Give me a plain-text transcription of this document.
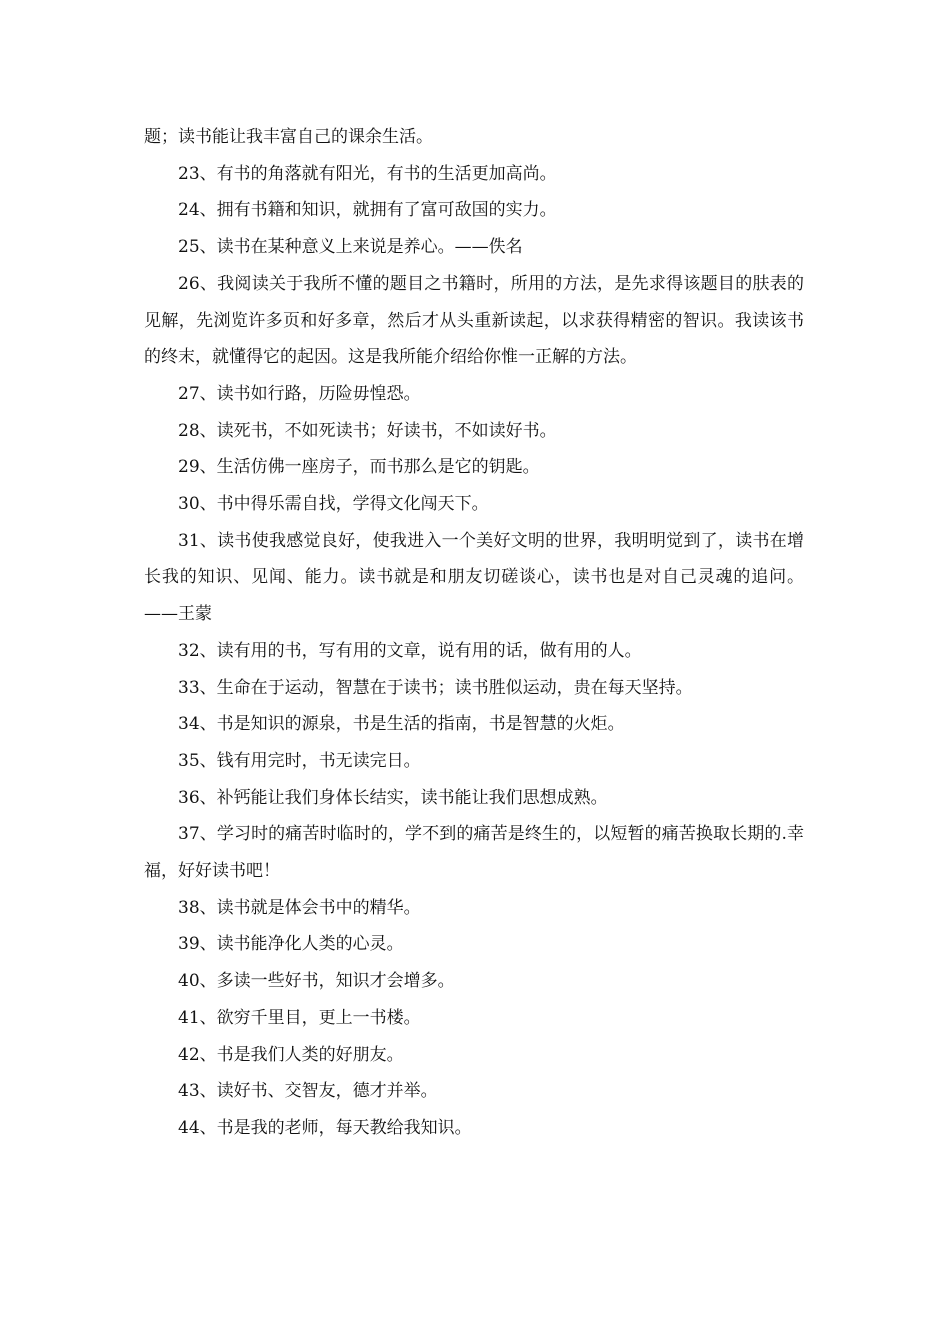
题；读书能让我丰富自己的课余生活。

23、有书的角落就有阳光，有书的生活更加高尚。

24、拥有书籍和知识，就拥有了富可敌国的实力。

25、读书在某种意义上来说是养心。——佚名

26、我阅读关于我所不懂的题目之书籍时，所用的方法，是先求得该题目的肤表的见解，先浏览许多页和好多章，然后才从头重新读起，以求获得精密的智识。我读该书的终末，就懂得它的起因。这是我所能介绍给你惟一正解的方法。

27、读书如行路，历险毋惶恐。

28、读死书，不如死读书；好读书，不如读好书。

29、生活仿佛一座房子，而书那么是它的钥匙。

30、书中得乐需自找，学得文化闯天下。

31、读书使我感觉良好，使我进入一个美好文明的世界，我明明觉到了，读书在增长我的知识、见闻、能力。读书就是和朋友切磋谈心，读书也是对自己灵魂的追问。——王蒙

32、读有用的书，写有用的文章，说有用的话，做有用的人。

33、生命在于运动，智慧在于读书；读书胜似运动，贵在每天坚持。

34、书是知识的源泉，书是生活的指南，书是智慧的火炬。

35、钱有用完时，书无读完日。

36、补钙能让我们身体长结实，读书能让我们思想成熟。

37、学习时的痛苦时临时的，学不到的痛苦是终生的，以短暂的痛苦换取长期的.幸福，好好读书吧！

38、读书就是体会书中的精华。

39、读书能净化人类的心灵。

40、多读一些好书，知识才会增多。

41、欲穷千里目，更上一书楼。

42、书是我们人类的好朋友。

43、读好书、交智友，德才并举。

44、书是我的老师，每天教给我知识。
